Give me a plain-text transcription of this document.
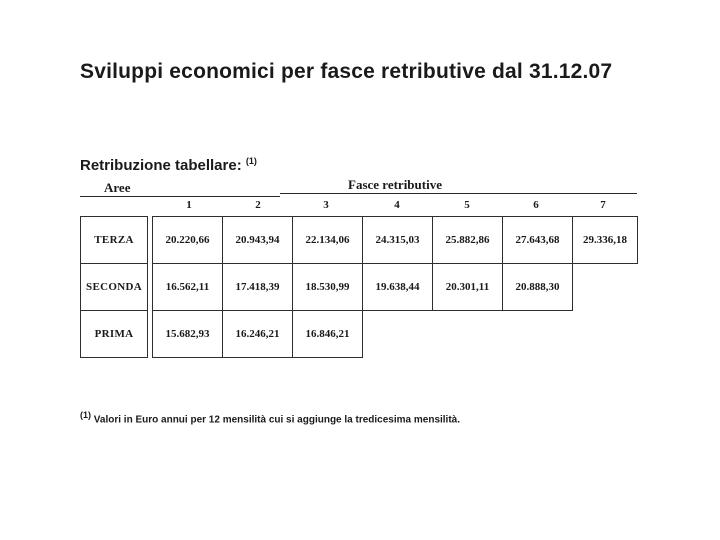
Sviluppi economici per fasce retributive dal 31.12.07
Retribuzione tabellare: $^{(1)}$
Aree	Fasce retributive
1	2	3	4	5	6	7
TERZA	20.220,66	20.943,94	22.134,06	24.315,03	25.882,86	27.643,68	29.336,18
SECONDA	16.562,11	17.418,39	18.530,99	19.638,44	20.301,11	20.888,30
PRIMA	15.682,93	16.246,21	16.846,21
$^{(1)}$ Valori in Euro annui per 12 mensilità cui si aggiunge la tredicesima mensilità.
